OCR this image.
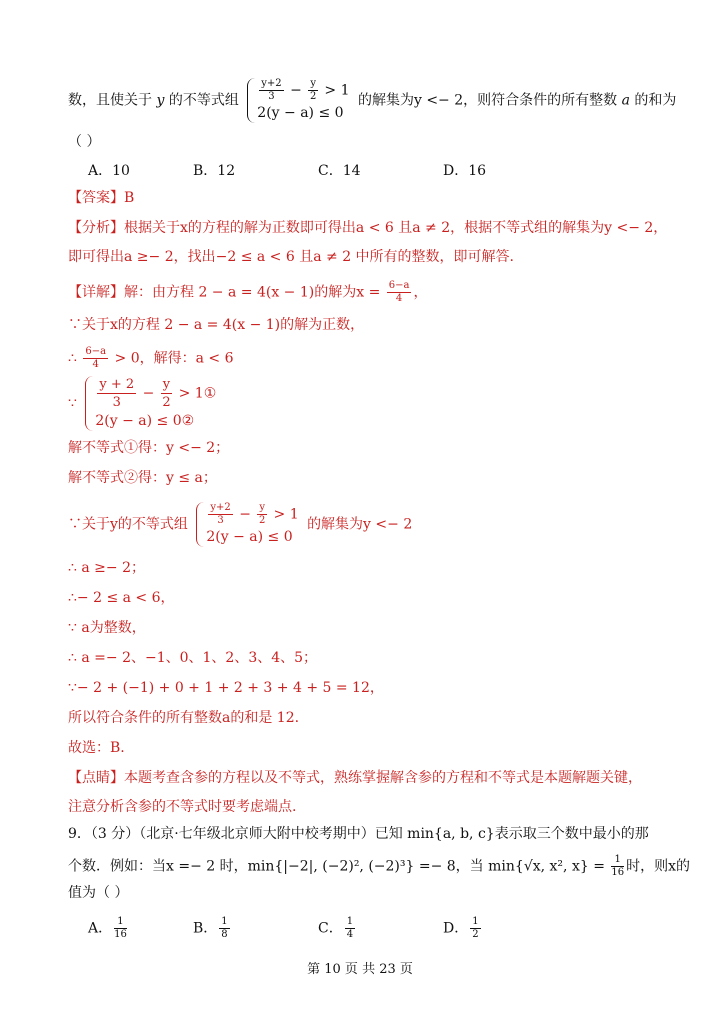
数，且使关于 y 的不等式组 $\frac{y+2}{3} - \frac{y}{2} > 1$
2(y − a) ≤ 0
的解集为y <− 2，则符合条件的所有整数 a 的和为
（ ）
A．10	B．12	C．14	D．16
【答案】B
【分析】根据关于x的方程的解为正数即可得出a < 6 且a ≠ 2，根据不等式组的解集为y <− 2，
即可得出a ≥− 2，找出−2 ≤ a < 6 且a ≠ 2 中所有的整数，即可解答.
【详解】解：由方程 2 − a = 4(x − 1)的解为$x = \frac{6-a}{4}$ ，
∵关于x的方程 2 − a = 4(x − 1)的解为正数，
∴ $\frac{6-a}{4} > 0$，解得：a < 6
∵ $\frac{y + 2}{3} - \frac{y}{2}$ > 1①
2(y − a) ≤ 0②
解不等式①得：y <− 2；
解不等式②得：y ≤ a；
∵关于y的不等式组 $\frac{y+2}{3} - \frac{y}{2} > 1$
2(y − a) ≤ 0
的解集为y <− 2
∴ a ≥− 2；
∴− 2 ≤ a < 6，
∵ a为整数，
∴ a =− 2、−1、0、1、2、3、4、5；
∵− 2 + (−1) + 0 + 1 + 2 + 3 + 4 + 5 = 12，
所以符合条件的所有整数a的和是 12.
故选：B.
【点睛】本题考查含参的方程以及不等式，熟练掌握解含参的方程和不等式是本题解题关键，
注意分析含参的不等式时要考虑端点.
9．（3 分）（北京·七年级北京师大附中校考期中）已知 min{a, b, c}表示取三个数中最小的那
个数．例如：当x =− 2 时，min{|−2|, (−2)², (−2)³} =− 8，当 min{√x, x², $x\} = \frac{1}{16}$ 时，则x的
值为（ ）
A． $\frac{1}{16}$	B． $\frac{1}{8}$	C． $\frac{1}{4}$	D． $\frac{1}{2}$
第 10 页 共 23 页
